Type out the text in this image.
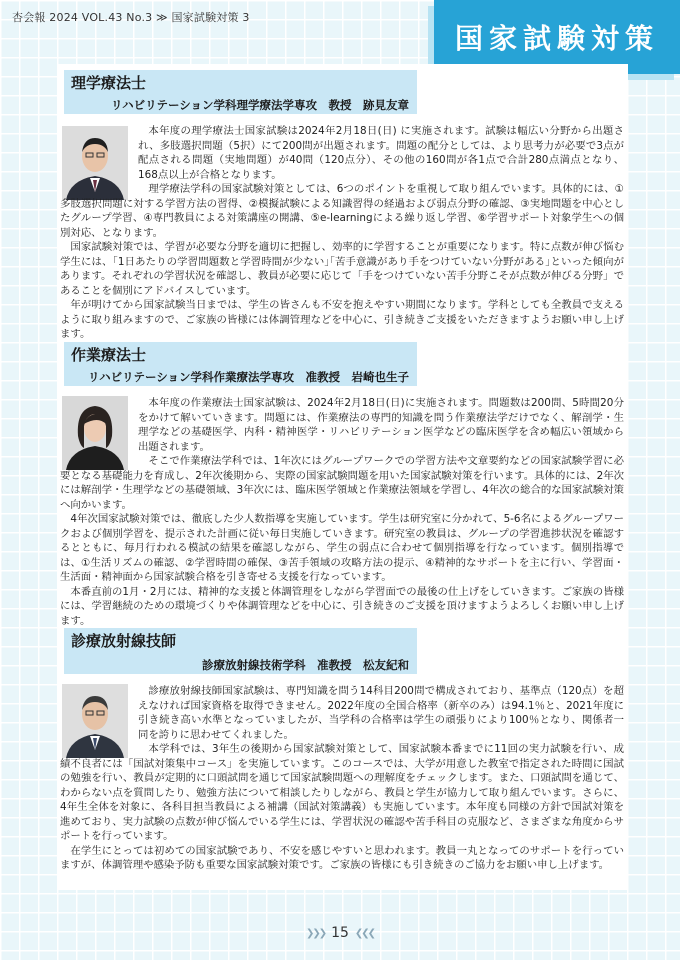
杏会報 2024 VOL.43 No.3 ≫ 国家試験対策 3
国家試験対策
理学療法士
リハビリテーション学科理学療法学専攻　教授　跡見友章

本年度の理学療法士国家試験は2024年2月18日(日) に実施されます。試験は幅広い分野から出題され、多肢選択問題（5択）にて200問が出題されます。問題の配分としては、より思考力が必要で3点が配点される問題（実地問題）が40問（120点分）、その他の160問が各1点で合計280点満点となり、168点以上が合格となります。

理学療法学科の国家試験対策としては、6つのポイントを重視して取り組んでいます。具体的には、①多肢選択問題に対する学習方法の習得、②模擬試験による知識習得の経過および弱点分野の確認、③実地問題を中心としたグループ学習、④専門教員による対策講座の開講、⑤e-learningによる繰り返し学習、⑥学習サポート対象学生への個別対応、となります。

国家試験対策では、学習が必要な分野を適切に把握し、効率的に学習することが重要になります。特に点数が伸び悩む学生には、｢1日あたりの学習問題数と学習時間が少ない｣｢苦手意識があり手をつけていない分野がある｣といった傾向があります。それぞれの学習状況を確認し、教員が必要に応じて「手をつけていない苦手分野こそが点数が伸びる分野」であることを個別にアドバイスしています。

年が明けてから国家試験当日までは、学生の皆さんも不安を抱えやすい期間になります。学科としても全教員で支えるように取り組みますので、ご家族の皆様には体調管理などを中心に、引き続きご支援をいただきますようお願い申し上げます。

作業療法士
リハビリテーション学科作業療法学専攻　准教授　岩崎也生子

本年度の作業療法士国家試験は、2024年2月18日(日)に実施されます。問題数は200問、5時間20分をかけて解いていきます。問題には、作業療法の専門的知識を問う作業療法学だけでなく、解剖学・生理学などの基礎医学、内科・精神医学・リハビリテーション医学などの臨床医学を含め幅広い領域から出題されます。

そこで作業療法学科では、1年次にはグループワークでの学習方法や文章要約などの国家試験学習に必要となる基礎能力を育成し、2年次後期から、実際の国家試験問題を用いた国家試験対策を行います。具体的には、2年次には解剖学・生理学などの基礎領域、3年次には、臨床医学領域と作業療法領域を学習し、4年次の総合的な国家試験対策へ向かいます。

4年次国家試験対策では、徹底した少人数指導を実施しています。学生は研究室に分かれて、5-6名によるグループワークおよび個別学習を、提示された計画に従い毎日実施していきます。研究室の教員は、グループの学習進捗状況を確認するとともに、毎月行われる模試の結果を確認しながら、学生の弱点に合わせて個別指導を行なっています。個別指導では、①生活リズムの確認、②学習時間の確保、③苦手領域の攻略方法の提示、④精神的なサポートを主に行い、学習面・生活面・精神面から国家試験合格を引き寄せる支援を行なっています。

本番直前の1月・2月には、精神的な支援と体調管理をしながら学習面での最後の仕上げをしていきます。ご家族の皆様には、学習継続のための環境づくりや体調管理などを中心に、引き続きのご支援を頂けますようよろしくお願い申し上げます。

診療放射線技師
診療放射線技術学科　准教授　松友紀和

診療放射線技師国家試験は、専門知識を問う14科目200問で構成されており、基準点（120点）を超えなければ国家資格を取得できません。2022年度の全国合格率（新卒のみ）は94.1％と、2021年度に引き続き高い水準となっていましたが、当学科の合格率は学生の頑張りにより100％となり、関係者一同を誇りに思わせてくれました。

本学科では、3年生の後期から国家試験対策として、国家試験本番までに11回の実力試験を行い、成績不良者には「国試対策集中コース」を実施しています。このコースでは、大学が用意した教室で指定された時間に国試の勉強を行い、教員が定期的に口頭試問を通じて国家試験問題への理解度をチェックします。また、口頭試問を通じて、わからない点を質問したり、勉強方法について相談したりしながら、教員と学生が協力して取り組んでいます。さらに、4年生全体を対象に、各科目担当教員による補講（国試対策講義）も実施しています。本年度も同様の方針で国試対策を進めており、実力試験の点数が伸び悩んでいる学生には、学習状況の確認や苦手科目の克服など、さまざまな角度からサポートを行っています。

在学生にとっては初めての国家試験であり、不安を感じやすいと思われます。教員一丸となってのサポートを行っていますが、体調管理や感染予防も重要な国家試験対策です。ご家族の皆様にも引き続きのご協力をお願い申し上げます。

❯❯❯ 15 ❮❮❮
